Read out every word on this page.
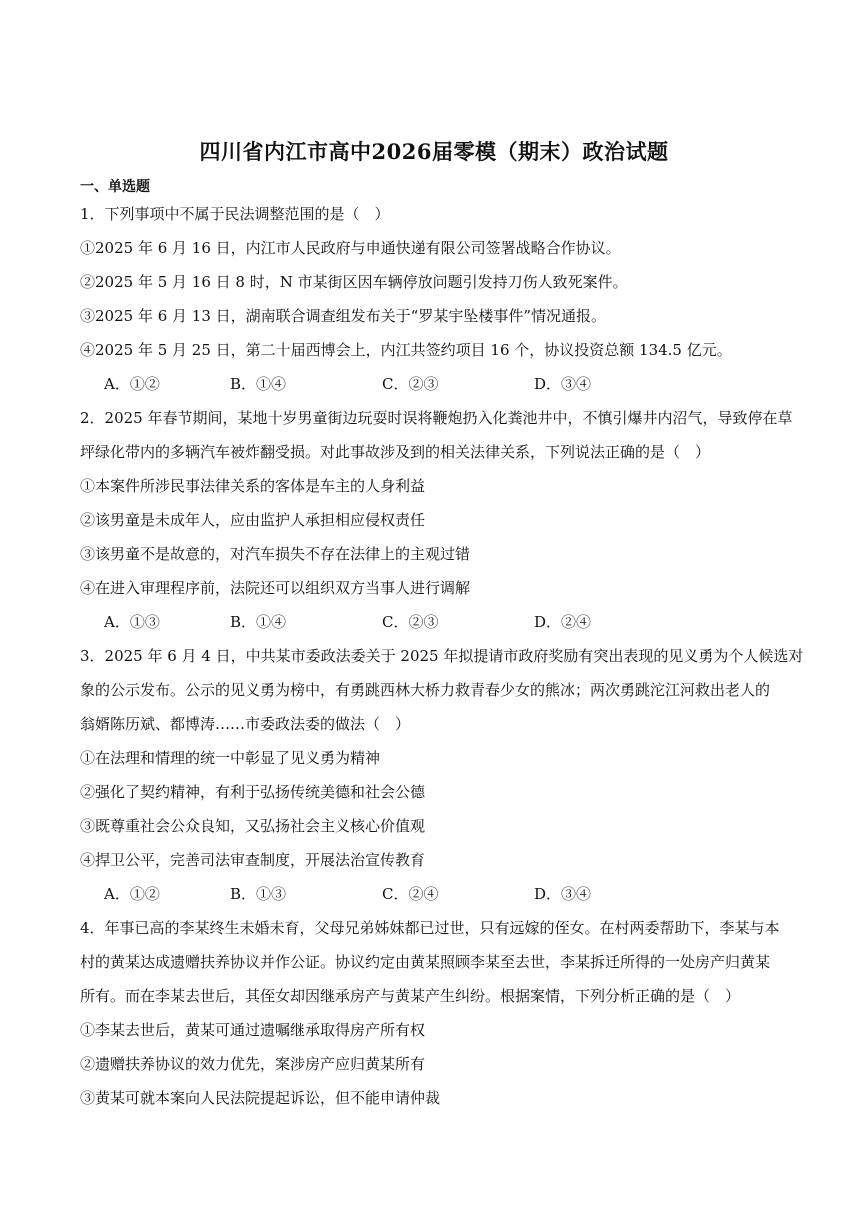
四川省内江市高中2026届零模（期末）政治试题
一、单选题
1．下列事项中不属于民法调整范围的是（　）
①2025 年 6 月 16 日，内江市人民政府与申通快递有限公司签署战略合作协议。
②2025 年 5 月 16 日 8 时，N 市某街区因车辆停放问题引发持刀伤人致死案件。
③2025 年 6 月 13 日，湖南联合调查组发布关于“罗某宇坠楼事件”情况通报。
④2025 年 5 月 25 日，第二十届西博会上，内江共签约项目 16 个，协议投资总额 134.5 亿元。
A．①②	B．①④	C．②③	D．③④
2．2025 年春节期间，某地十岁男童街边玩耍时误将鞭炮扔入化粪池井中，不慎引爆井内沼气，导致停在草
坪绿化带内的多辆汽车被炸翻受损。对此事故涉及到的相关法律关系，下列说法正确的是（　）
①本案件所涉民事法律关系的客体是车主的人身利益
②该男童是未成年人，应由监护人承担相应侵权责任
③该男童不是故意的，对汽车损失不存在法律上的主观过错
④在进入审理程序前，法院还可以组织双方当事人进行调解
A．①③	B．①④	C．②③	D．②④
3．2025 年 6 月 4 日，中共某市委政法委关于 2025 年拟提请市政府奖励有突出表现的见义勇为个人候选对
象的公示发布。公示的见义勇为榜中，有勇跳西林大桥力救青春少女的熊冰；两次勇跳沱江河救出老人的
翁婿陈历斌、都博涛……市委政法委的做法（　）
①在法理和情理的统一中彰显了见义勇为精神
②强化了契约精神，有利于弘扬传统美德和社会公德
③既尊重社会公众良知，又弘扬社会主义核心价值观
④捍卫公平，完善司法审查制度，开展法治宣传教育
A．①②	B．①③	C．②④	D．③④
4．年事已高的李某终生未婚未育，父母兄弟姊妹都已过世，只有远嫁的侄女。在村两委帮助下，李某与本
村的黄某达成遗赠扶养协议并作公证。协议约定由黄某照顾李某至去世，李某拆迁所得的一处房产归黄某
所有。而在李某去世后，其侄女却因继承房产与黄某产生纠纷。根据案情，下列分析正确的是（　）
①李某去世后，黄某可通过遗嘱继承取得房产所有权
②遗赠扶养协议的效力优先，案涉房产应归黄某所有
③黄某可就本案向人民法院提起诉讼，但不能申请仲裁
